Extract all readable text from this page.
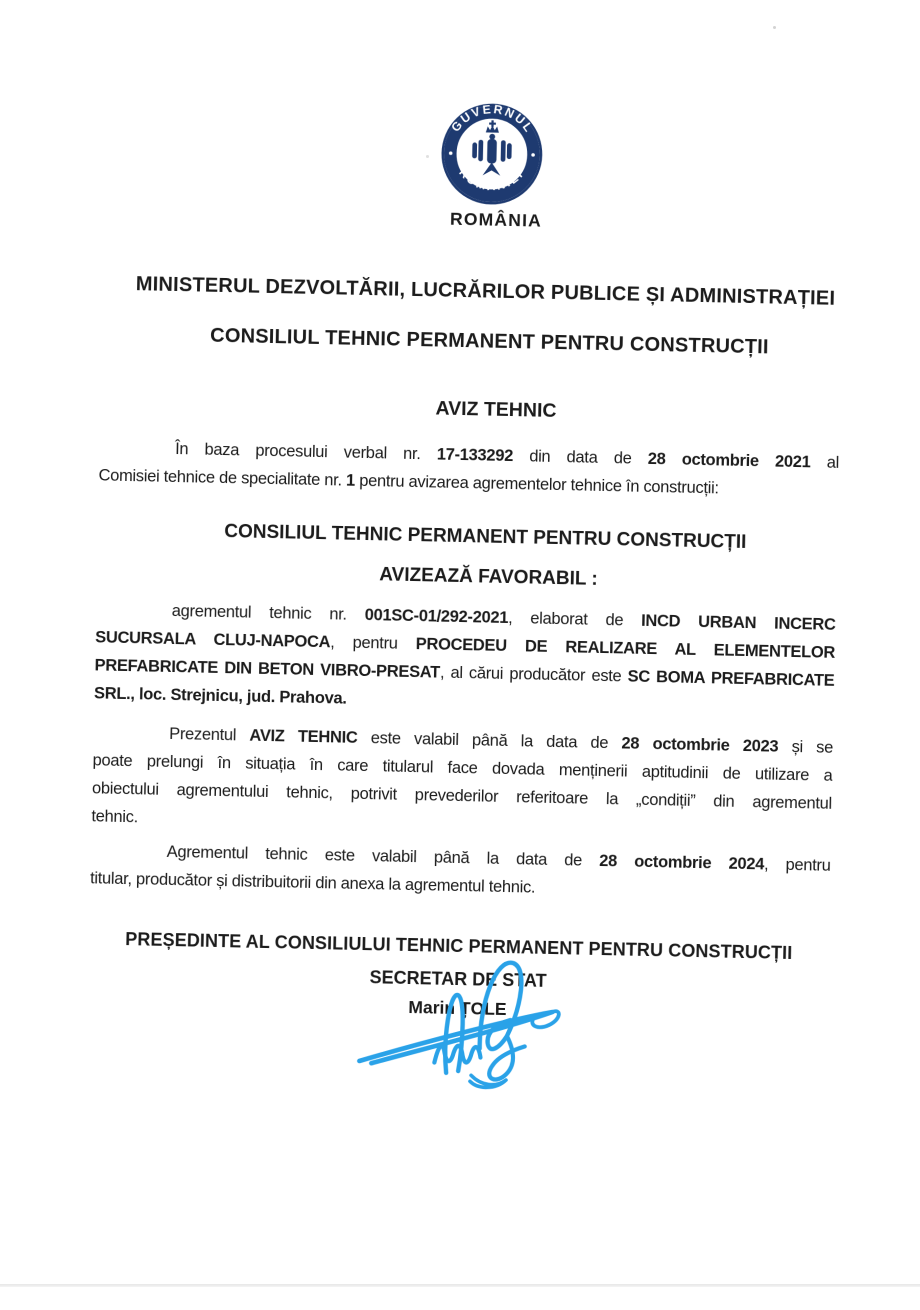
GUVERNUL
ROMÂNIEI
ROMÂNIA
MINISTERUL DEZVOLTĂRII, LUCRĂRILOR PUBLICE ȘI ADMINISTRAȚIEI
CONSILIUL TEHNIC PERMANENT PENTRU CONSTRUCȚII
AVIZ TEHNIC
În baza procesului verbal nr. 17-133292 din data de 28 octombrie 2021 al
Comisiei tehnice de specialitate nr. 1 pentru avizarea agrementelor tehnice în construcții:
CONSILIUL TEHNIC PERMANENT PENTRU CONSTRUCȚII
AVIZEAZĂ FAVORABIL :
agrementul tehnic nr. 001SC-01/292-2021, elaborat de INCD URBAN INCERC
SUCURSALA CLUJ-NAPOCA, pentru PROCEDEU DE REALIZARE AL ELEMENTELOR
PREFABRICATE DIN BETON VIBRO-PRESAT, al cărui producător este SC BOMA PREFABRICATE
SRL., loc. Strejnicu, jud. Prahova.
Prezentul AVIZ TEHNIC este valabil până la data de 28 octombrie 2023 și se
poate prelungi în situația în care titularul face dovada menținerii aptitudinii de utilizare a
obiectului agrementului tehnic, potrivit prevederilor referitoare la „condiții” din agrementul
tehnic.
Agrementul tehnic este valabil până la data de 28 octombrie 2024, pentru
titular, producător și distribuitorii din anexa la agrementul tehnic.
PREȘEDINTE AL CONSILIULUI TEHNIC PERMANENT PENTRU CONSTRUCȚII
SECRETAR DE STAT
Marin ȚOLE
